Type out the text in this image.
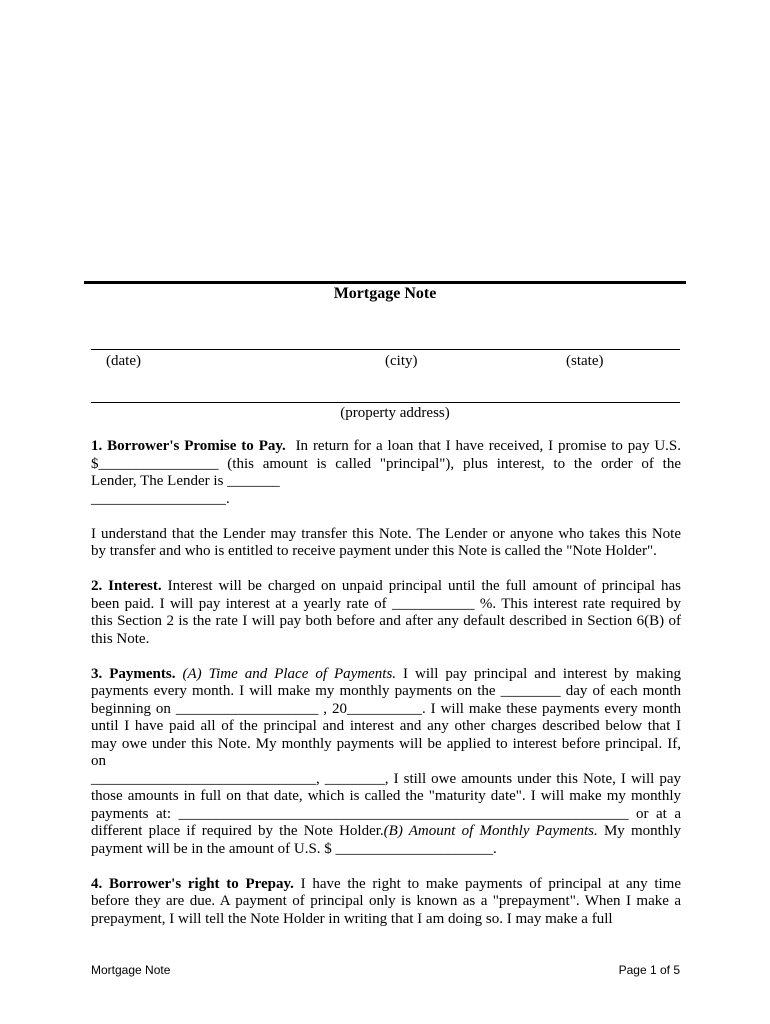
Mortgage Note
(date)	(city)	(state)
(property address)

1. Borrower's Promise to Pay. In return for a loan that I have received, I promise to pay U.S.
$________________ (this amount is called "principal"), plus interest, to the order of the
Lender, The Lender is _______
__________________.

I understand that the Lender may transfer this Note. The Lender or anyone who takes this Note
by transfer and who is entitled to receive payment under this Note is called the "Note Holder".

2. Interest. Interest will be charged on unpaid principal until the full amount of principal has
been paid. I will pay interest at a yearly rate of ___________ %. This interest rate required by
this Section 2 is the rate I will pay both before and after any default described in Section 6(B) of
this Note.

3. Payments. (A) Time and Place of Payments. I will pay principal and interest by making
payments every month. I will make my monthly payments on the ________ day of each month
beginning on ___________________ , 20__________. I will make these payments every month
until I have paid all of the principal and interest and any other charges described below that I
may owe under this Note. My monthly payments will be applied to interest before principal. If,
on
______________________________, ________, I still owe amounts under this Note, I will pay
those amounts in full on that date, which is called the "maturity date". I will make my monthly
payments at: ____________________________________________________________ or at a
different place if required by the Note Holder.(B) Amount of Monthly Payments. My monthly
payment will be in the amount of U.S. $ _____________________.

4. Borrower's right to Prepay. I have the right to make payments of principal at any time
before they are due. A payment of principal only is known as a "prepayment". When I make a
prepayment, I will tell the Note Holder in writing that I am doing so. I may make a full

Mortgage Note	Page 1 of 5
